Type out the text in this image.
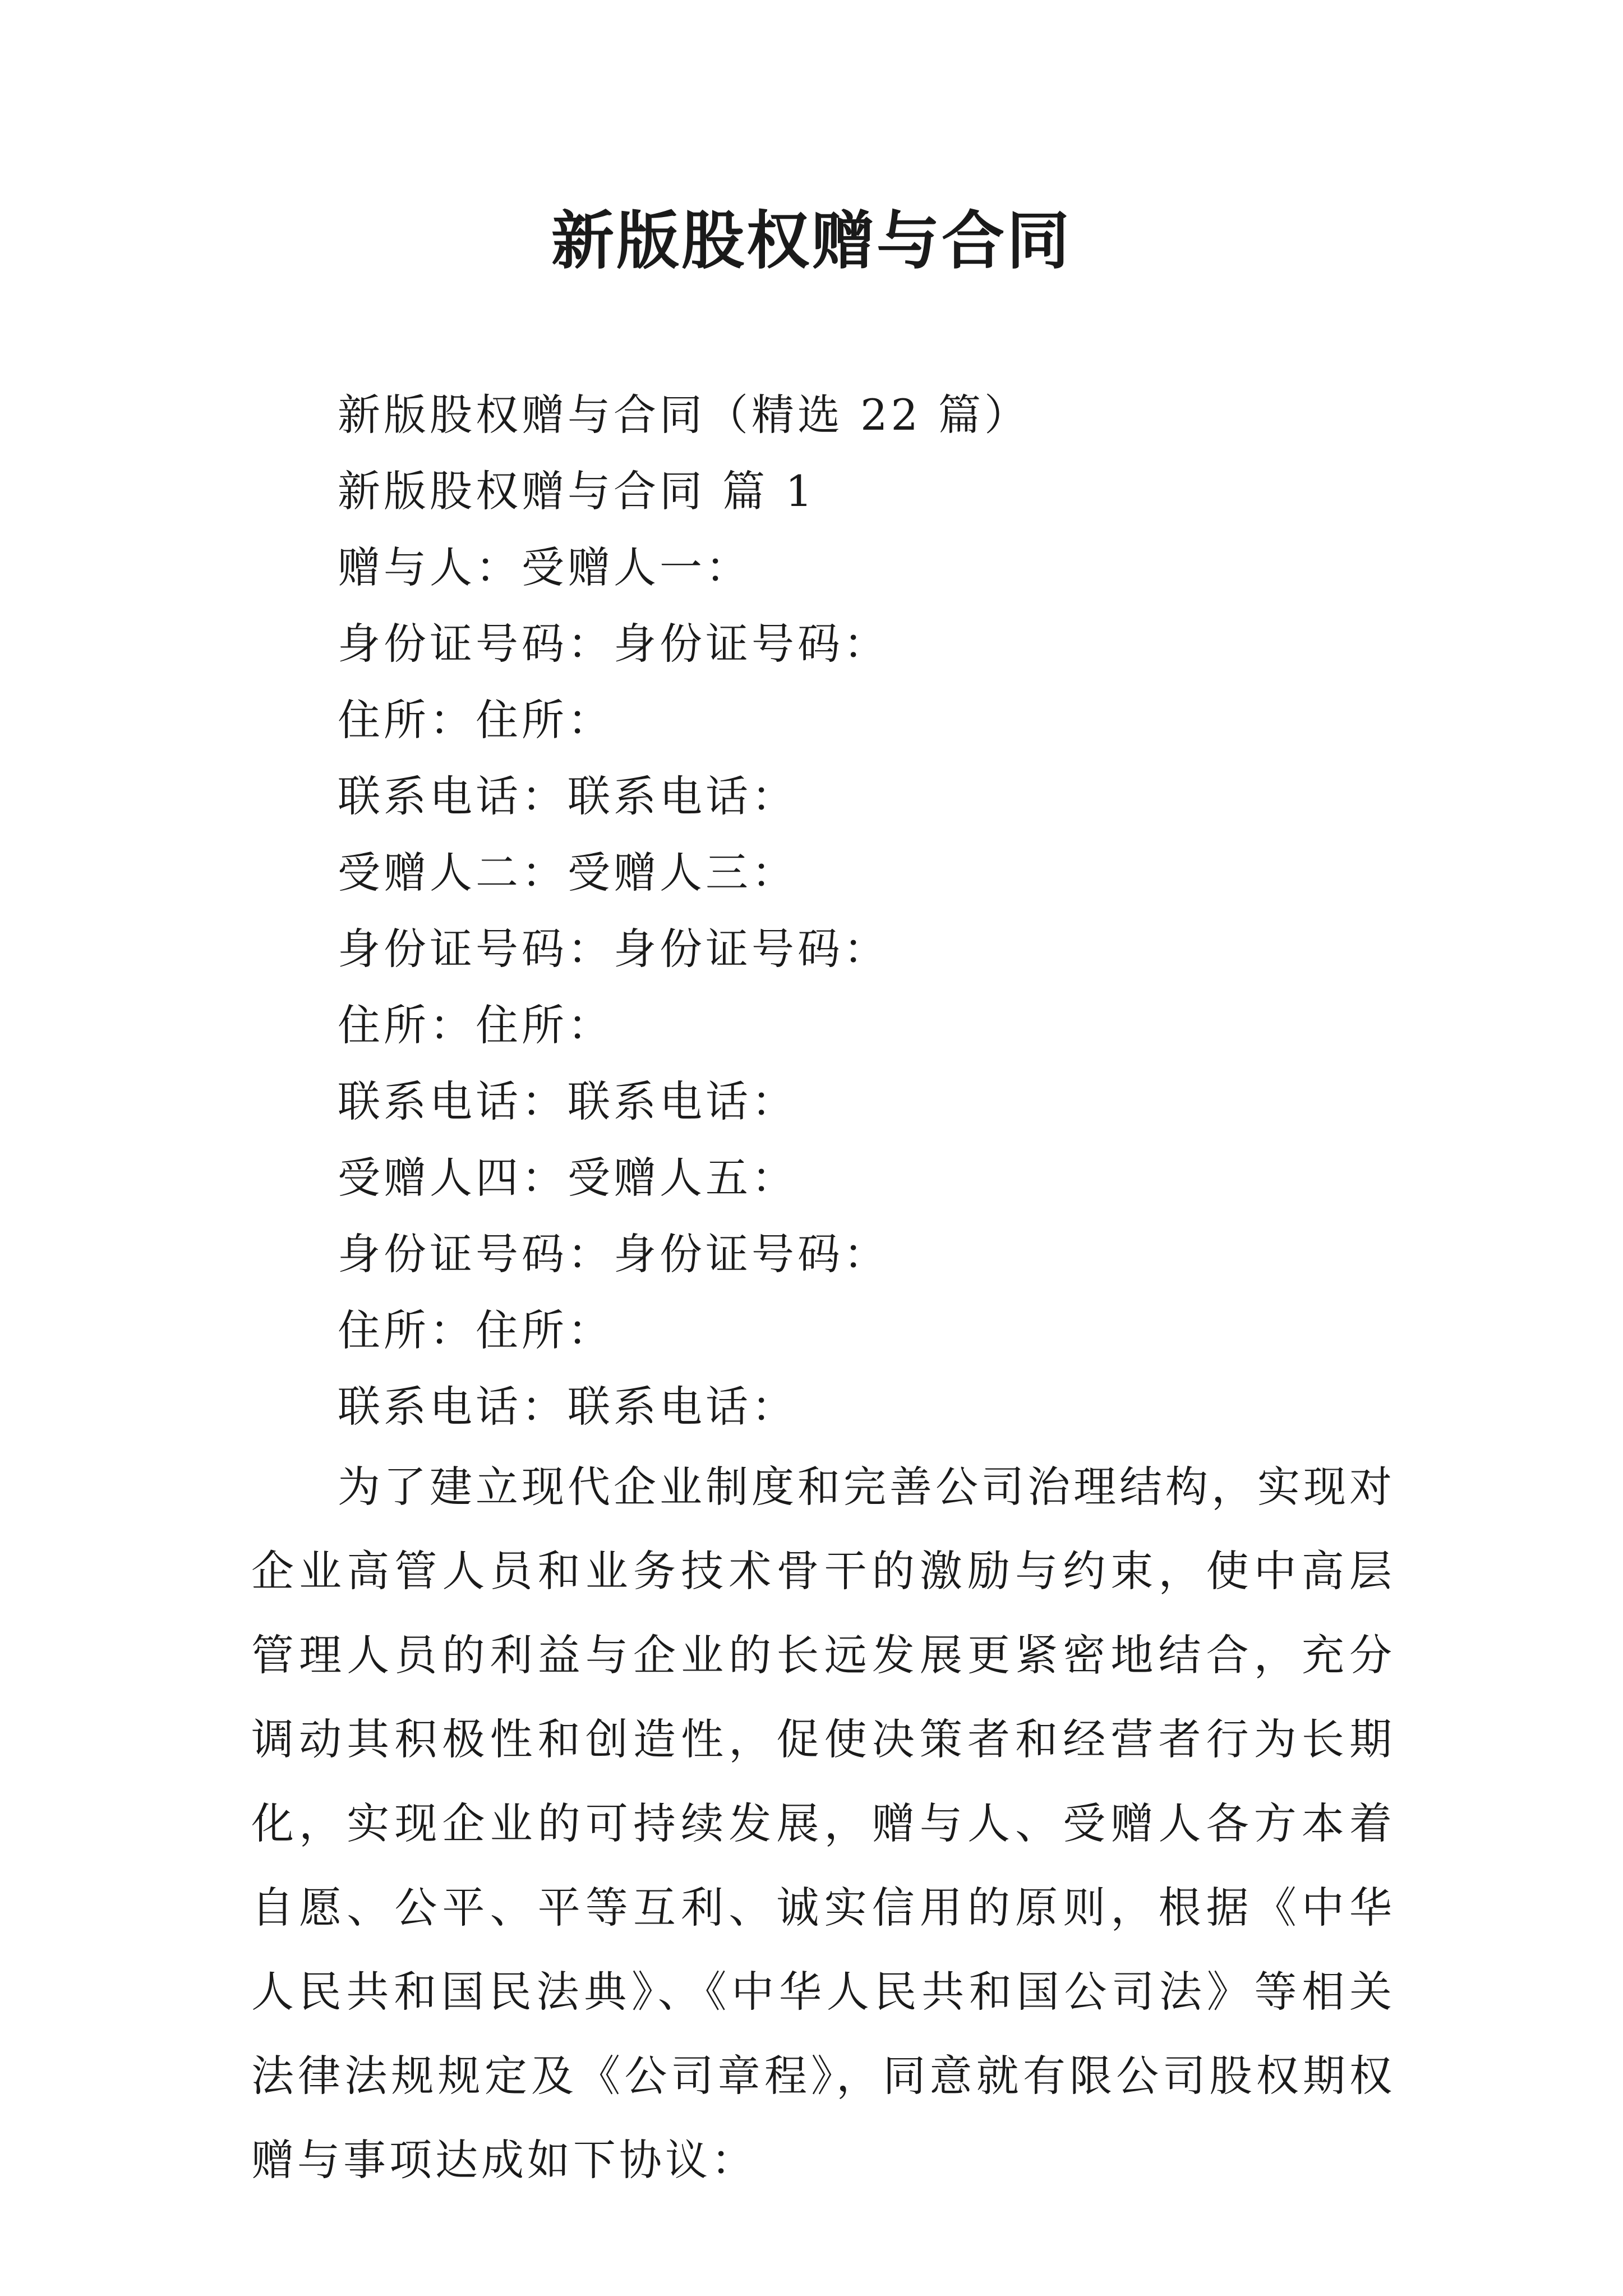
新版股权赠与合同
新版股权赠与合同（精选 22 篇）
新版股权赠与合同 篇 1
赠与人：受赠人一：
身份证号码：身份证号码：
住所：住所：
联系电话：联系电话：
受赠人二：受赠人三：
身份证号码：身份证号码：
住所：住所：
联系电话：联系电话：
受赠人四：受赠人五：
身份证号码：身份证号码：
住所：住所：
联系电话：联系电话：

为了建立现代企业制度和完善公司治理结构，实现对企业高管人员和业务技术骨干的激励与约束，使中高层管理人员的利益与企业的长远发展更紧密地结合，充分调动其积极性和创造性，促使决策者和经营者行为长期化，实现企业的可持续发展，赠与人、受赠人各方本着自愿、公平、平等互利、诚实信用的原则，根据《中华人民共和国民法典》、《中华人民共和国公司法》等相关法律法规规定及《公司章程》，同意就有限公司股权期权赠与事项达成如下协议：
